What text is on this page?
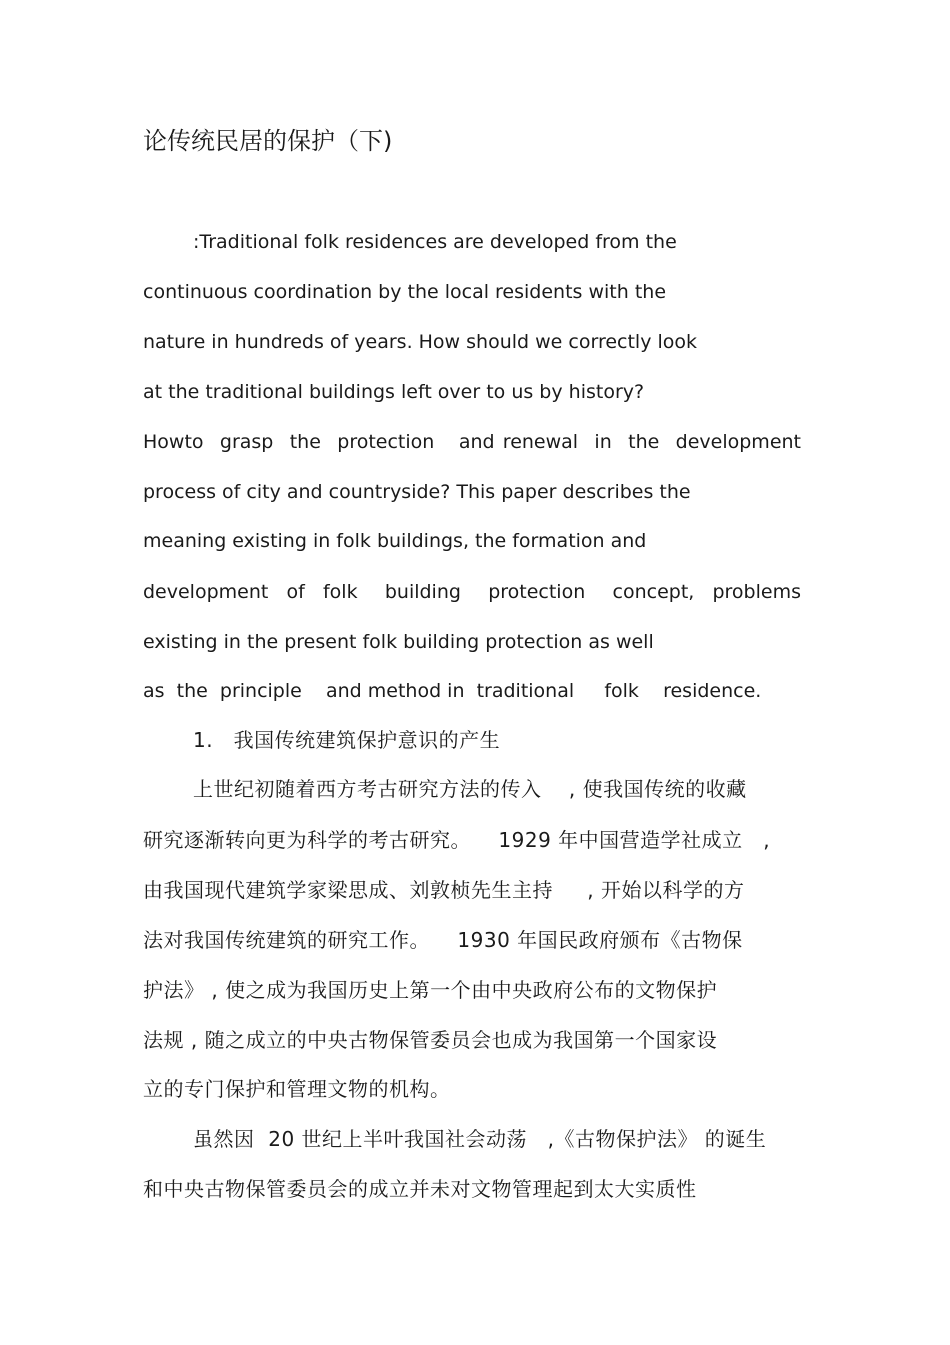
论传统民居的保护（下)

:Traditional folk residences are developed from the

continuous coordination by the local residents with the

nature in hundreds of years. How should we correctly look

at the traditional buildings left over to us by history?

Howto  grasp  the  protection   and renewal  in  the  development

process of city and countryside? This paper describes the

meaning existing in folk buildings, the formation and

development  of  folk   building   protection   concept,  problems

existing in the present folk building protection as well

as  the  principle    and method in  traditional     folk    residence.

1.   我国传统建筑保护意识的产生

上世纪初随着西方考古研究方法的传入    , 使我国传统的收藏

研究逐渐转向更为科学的考古研究。    1929 年中国营造学社成立   ,

由我国现代建筑学家梁思成、刘敦桢先生主持     , 开始以科学的方

法对我国传统建筑的研究工作。    1930 年国民政府颁布《古物保

护法》 , 使之成为我国历史上第一个由中央政府公布的文物保护

法规 , 随之成立的中央古物保管委员会也成为我国第一个国家设

立的专门保护和管理文物的机构。

虽然因  20 世纪上半叶我国社会动荡   ,《古物保护法》 的诞生

和中央古物保管委员会的成立并未对文物管理起到太大实质性
